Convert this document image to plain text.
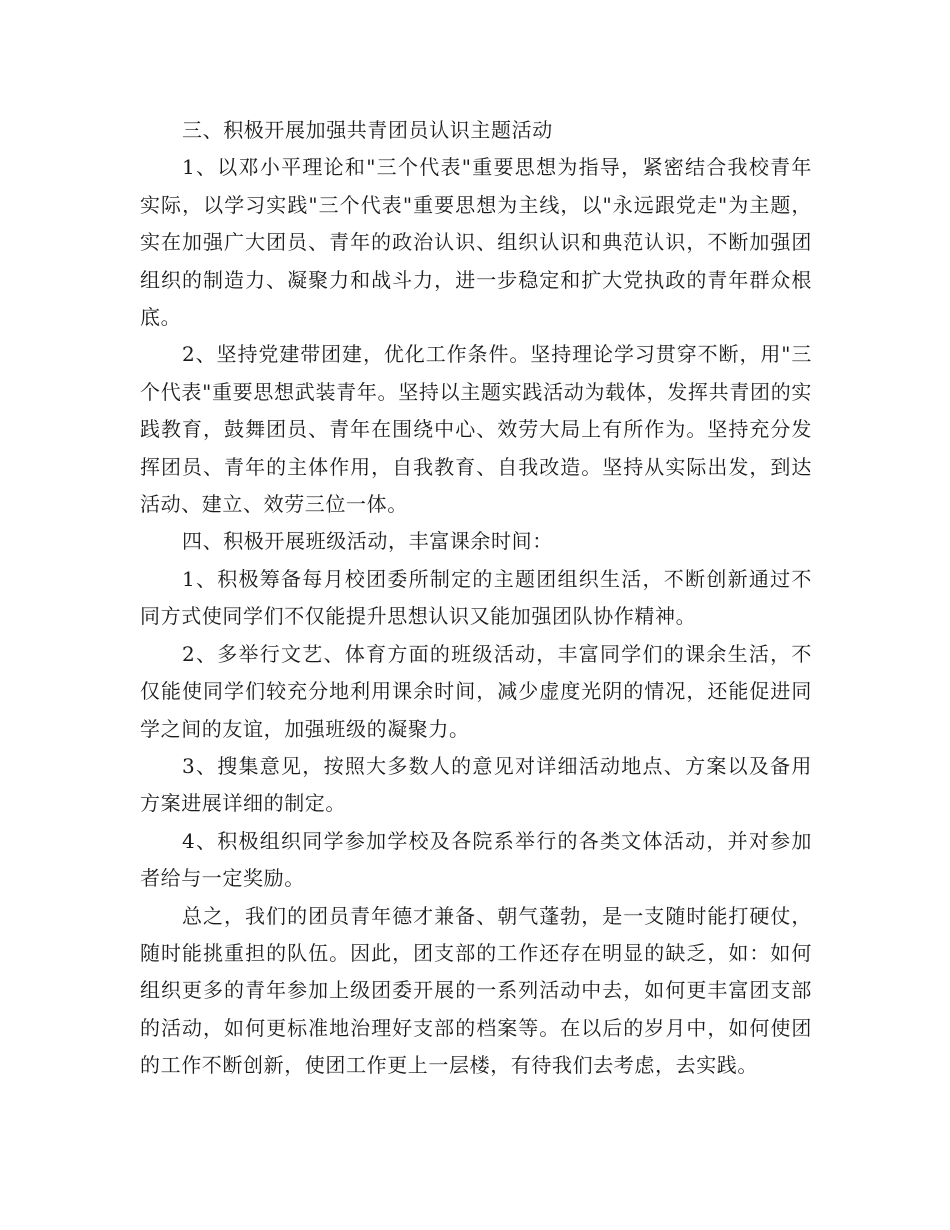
三、积极开展加强共青团员认识主题活动

1、以邓小平理论和"三个代表"重要思想为指导，紧密结合我校青年实际，以学习实践"三个代表"重要思想为主线，以"永远跟党走"为主题，实在加强广大团员、青年的政治认识、组织认识和典范认识，不断加强团组织的制造力、凝聚力和战斗力，进一步稳定和扩大党执政的青年群众根底。

2、坚持党建带团建，优化工作条件。坚持理论学习贯穿不断，用"三个代表"重要思想武装青年。坚持以主题实践活动为载体，发挥共青团的实践教育，鼓舞团员、青年在围绕中心、效劳大局上有所作为。坚持充分发挥团员、青年的主体作用，自我教育、自我改造。坚持从实际出发，到达活动、建立、效劳三位一体。

四、积极开展班级活动，丰富课余时间：

1、积极筹备每月校团委所制定的主题团组织生活，不断创新通过不同方式使同学们不仅能提升思想认识又能加强团队协作精神。

2、多举行文艺、体育方面的班级活动，丰富同学们的课余生活，不仅能使同学们较充分地利用课余时间，减少虚度光阴的情况，还能促进同学之间的友谊，加强班级的凝聚力。

3、搜集意见，按照大多数人的意见对详细活动地点、方案以及备用方案进展详细的制定。

4、积极组织同学参加学校及各院系举行的各类文体活动，并对参加者给与一定奖励。

总之，我们的团员青年德才兼备、朝气蓬勃，是一支随时能打硬仗，随时能挑重担的队伍。因此，团支部的工作还存在明显的缺乏，如：如何组织更多的青年参加上级团委开展的一系列活动中去，如何更丰富团支部的活动，如何更标准地治理好支部的档案等。在以后的岁月中，如何使团的工作不断创新，使团工作更上一层楼，有待我们去考虑，去实践。
